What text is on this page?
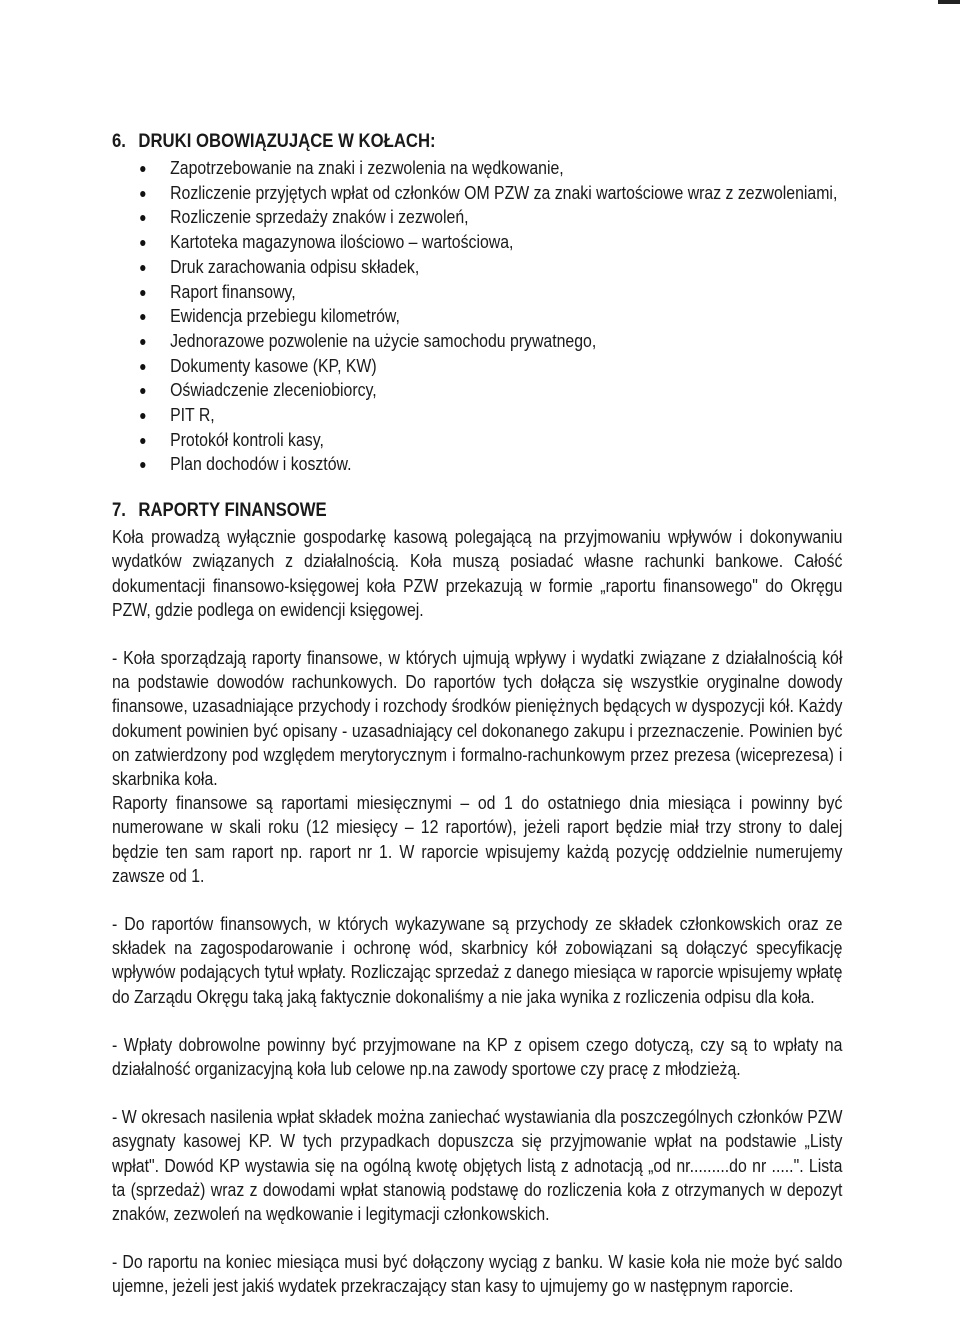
6. DRUKI OBOWIĄZUJĄCE W KOŁACH:
Zapotrzebowanie na znaki i zezwolenia na wędkowanie,
Rozliczenie przyjętych wpłat od członków OM PZW za znaki wartościowe wraz z zezwoleniami,
Rozliczenie sprzedaży znaków i zezwoleń,
Kartoteka magazynowa ilościowo – wartościowa,
Druk zarachowania odpisu składek,
Raport finansowy,
Ewidencja przebiegu kilometrów,
Jednorazowe pozwolenie na użycie samochodu prywatnego,
Dokumenty kasowe (KP, KW)
Oświadczenie zleceniobiorcy,
PIT R,
Protokół kontroli kasy,
Plan dochodów i kosztów.
7. RAPORTY FINANSOWE

Koła prowadzą wyłącznie gospodarkę kasową polegającą na przyjmowaniu wpływów i dokonywaniu wydatków związanych z działalnością. Koła muszą posiadać własne rachunki bankowe. Całość dokumentacji finansowo-księgowej koła PZW przekazują w formie „raportu finansowego" do Okręgu PZW, gdzie podlega on ewidencji księgowej.

- Koła sporządzają raporty finansowe, w których ujmują wpływy i wydatki związane z działalnością kół na podstawie dowodów rachunkowych. Do raportów tych dołącza się wszystkie oryginalne dowody finansowe, uzasadniające przychody i rozchody środków pieniężnych będących w dyspozycji kół. Każdy dokument powinien być opisany - uzasadniający cel dokonanego zakupu i przeznaczenie. Powinien być on zatwierdzony pod względem merytorycznym i formalno-rachunkowym przez prezesa (wiceprezesa) i skarbnika koła.

Raporty finansowe są raportami miesięcznymi – od 1 do ostatniego dnia miesiąca i powinny być numerowane w skali roku (12 miesięcy – 12 raportów), jeżeli raport będzie miał trzy strony to dalej będzie ten sam raport np. raport nr 1. W raporcie wpisujemy każdą pozycję oddzielnie numerujemy zawsze od 1.

- Do raportów finansowych, w których wykazywane są przychody ze składek członkowskich oraz ze składek na zagospodarowanie i ochronę wód, skarbnicy kół zobowiązani są dołączyć specyfikację wpływów podających tytuł wpłaty. Rozliczając sprzedaż z danego miesiąca w raporcie wpisujemy wpłatę do Zarządu Okręgu taką jaką faktycznie dokonaliśmy a nie jaka wynika z rozliczenia odpisu dla koła.

- Wpłaty dobrowolne powinny być przyjmowane na KP z opisem czego dotyczą, czy są to wpłaty na działalność organizacyjną koła lub celowe np.na zawody sportowe czy pracę z młodzieżą.

- W okresach nasilenia wpłat składek można zaniechać wystawiania dla poszczególnych członków PZW asygnaty kasowej KP. W tych przypadkach dopuszcza się przyjmowanie wpłat na podstawie „Listy wpłat". Dowód KP wystawia się na ogólną kwotę objętych listą z adnotacją „od nr.........do nr .....". Lista ta (sprzedaż) wraz z dowodami wpłat stanowią podstawę do rozliczenia koła z otrzymanych w depozyt znaków, zezwoleń na wędkowanie i legitymacji członkowskich.

- Do raportu na koniec miesiąca musi być dołączony wyciąg z banku. W kasie koła nie może być saldo ujemne, jeżeli jest jakiś wydatek przekraczający stan kasy to ujmujemy go w następnym raporcie.
